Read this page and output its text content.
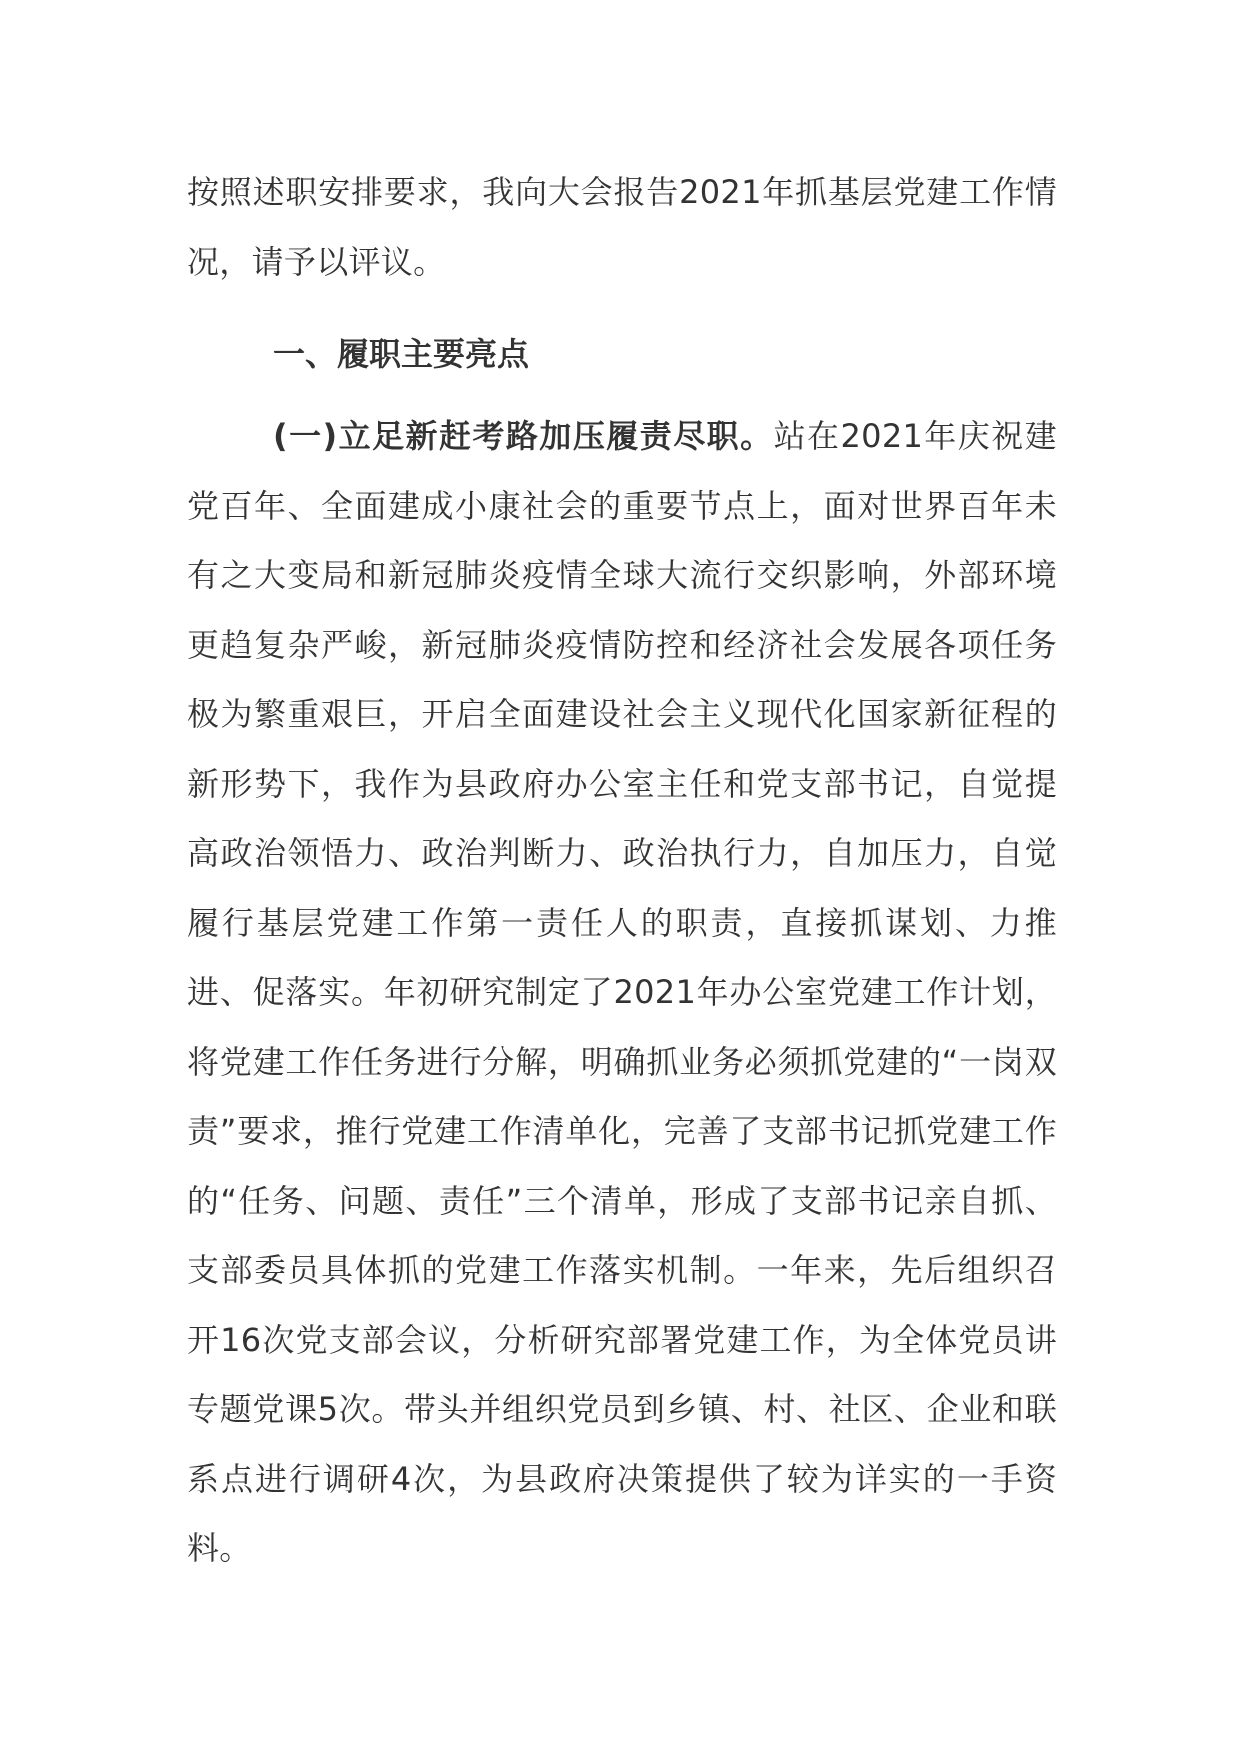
按照述职安排要求，我向大会报告2021年抓基层党建工作情况，请予以评议。

一、履职主要亮点

(一)立足新赶考路加压履责尽职。站在2021年庆祝建党百年、全面建成小康社会的重要节点上，面对世界百年未有之大变局和新冠肺炎疫情全球大流行交织影响，外部环境更趋复杂严峻，新冠肺炎疫情防控和经济社会发展各项任务极为繁重艰巨，开启全面建设社会主义现代化国家新征程的新形势下，我作为县政府办公室主任和党支部书记，自觉提高政治领悟力、政治判断力、政治执行力，自加压力，自觉履行基层党建工作第一责任人的职责，直接抓谋划、力推进、促落实。年初研究制定了2021年办公室党建工作计划，将党建工作任务进行分解，明确抓业务必须抓党建的“一岗双责”要求，推行党建工作清单化，完善了支部书记抓党建工作的“任务、问题、责任”三个清单，形成了支部书记亲自抓、支部委员具体抓的党建工作落实机制。一年来，先后组织召开16次党支部会议，分析研究部署党建工作，为全体党员讲专题党课5次。带头并组织党员到乡镇、村、社区、企业和联系点进行调研4次，为县政府决策提供了较为详实的一手资料。
